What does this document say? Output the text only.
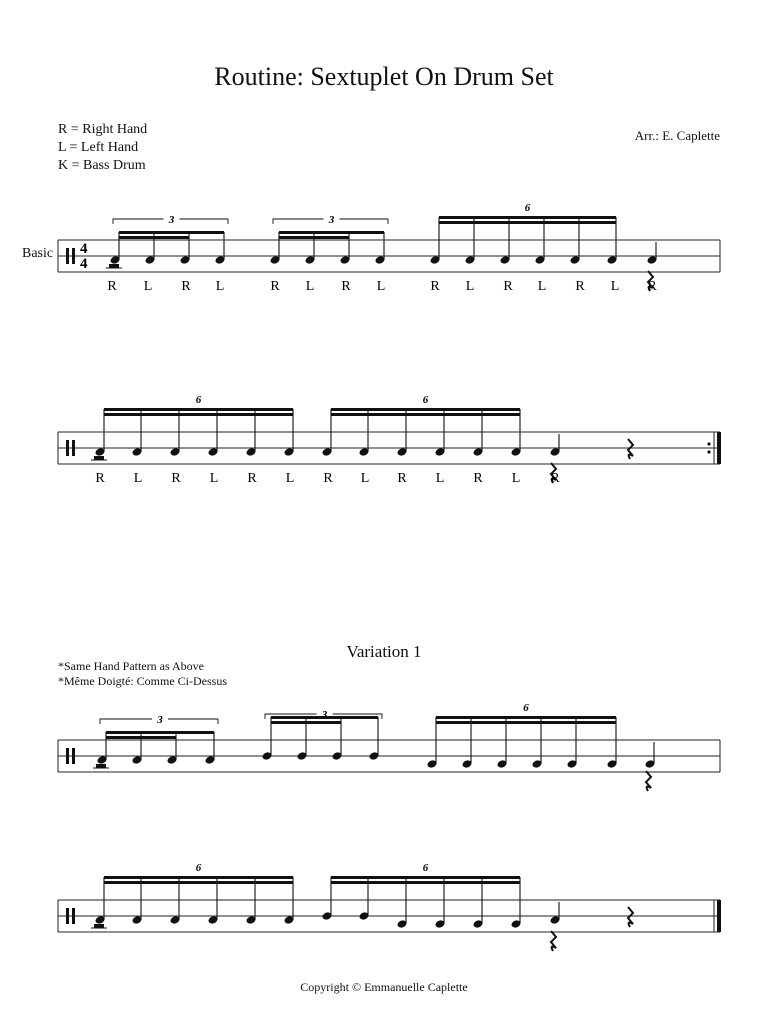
Routine: Sextuplet On Drum Set
R = Right Hand
L = Left Hand
K = Bass Drum
Arr.: E. Caplette
Basic 4
4
3	3
6
R L R L	R L R L	R L R L R L R
6	6
R L R L R L R L R L R L R
Variation 1
*Same Hand Pattern as Above
*Même Doigté: Comme Ci-Dessus
3	3
6
6	6
Copyright © Emmanuelle Caplette
